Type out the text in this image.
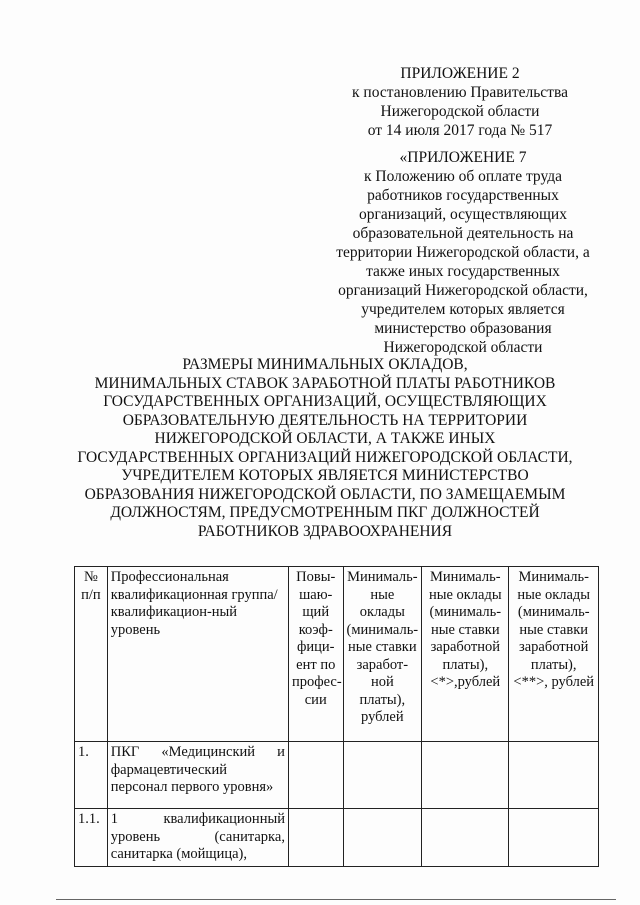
ПРИЛОЖЕНИЕ 2
к постановлению Правительства
Нижегородской области
от 14 июля 2017 года № 517
«ПРИЛОЖЕНИЕ 7
к Положению об оплате труда
работников государственных
организаций, осуществляющих
образовательной деятельность на
территории Нижегородской области, а
также иных государственных
организаций Нижегородской области,
учредителем которых является
министерство образования
Нижегородской области
РАЗМЕРЫ МИНИМАЛЬНЫХ ОКЛАДОВ,
МИНИМАЛЬНЫХ СТАВОК ЗАРАБОТНОЙ ПЛАТЫ РАБОТНИКОВ
ГОСУДАРСТВЕННЫХ ОРГАНИЗАЦИЙ, ОСУЩЕСТВЛЯЮЩИХ
ОБРАЗОВАТЕЛЬНУЮ ДЕЯТЕЛЬНОСТЬ НА ТЕРРИТОРИИ
НИЖЕГОРОДСКОЙ ОБЛАСТИ, А ТАКЖЕ ИНЫХ
ГОСУДАРСТВЕННЫХ ОРГАНИЗАЦИЙ НИЖЕГОРОДСКОЙ ОБЛАСТИ,
УЧРЕДИТЕЛЕМ КОТОРЫХ ЯВЛЯЕТСЯ МИНИСТЕРСТВО
ОБРАЗОВАНИЯ НИЖЕГОРОДСКОЙ ОБЛАСТИ, ПО ЗАМЕЩАЕМЫМ
ДОЛЖНОСТЯМ, ПРЕДУСМОТРЕННЫМ ПКГ ДОЛЖНОСТЕЙ
РАБОТНИКОВ ЗДРАВООХРАНЕНИЯ
№ п/п	Профессиональная квалификационная группа/квалификацион-ный уровень	Повы-шаю-щий коэф-фици-ент по профес-сии	Минималь-ные оклады (минималь-ные ставки заработ-ной платы), рублей	Минималь-ные оклады (минималь-ные ставки заработной платы), <*>,рублей	Минималь-ные оклады (минималь-ные ставки заработной платы), <**>, рублей
1.	ПКГ «Медицинский и фармацевтический персонал первого уровня»				
1.1.	1 квалификационный уровень (санитарка, санитарка (мойщица),				
